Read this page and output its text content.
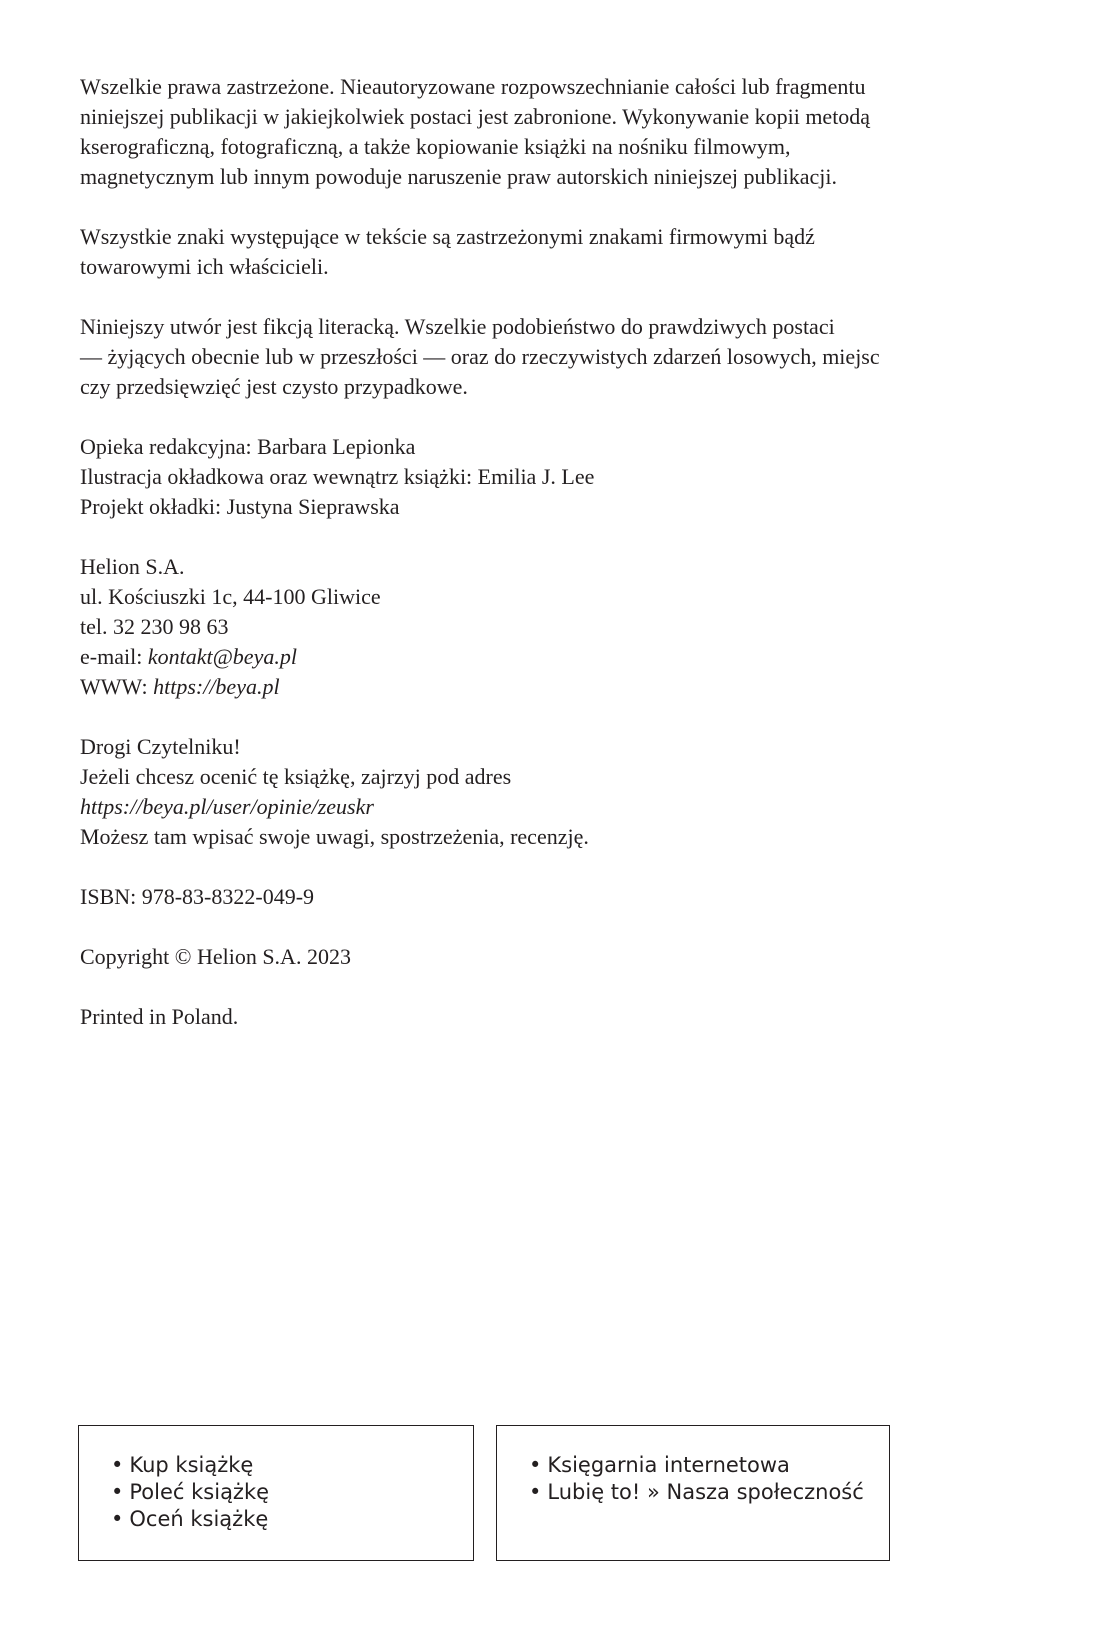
Wszelkie prawa zastrzeżone. Nieautoryzowane rozpowszechnianie całości lub fragmentu
niniejszej publikacji w jakiejkolwiek postaci jest zabronione. Wykonywanie kopii metodą
kserograficzną, fotograficzną, a także kopiowanie książki na nośniku filmowym,
magnetycznym lub innym powoduje naruszenie praw autorskich niniejszej publikacji.

Wszystkie znaki występujące w tekście są zastrzeżonymi znakami firmowymi bądź
towarowymi ich właścicieli.

Niniejszy utwór jest fikcją literacką. Wszelkie podobieństwo do prawdziwych postaci
— żyjących obecnie lub w przeszłości — oraz do rzeczywistych zdarzeń losowych, miejsc
czy przedsięwzięć jest czysto przypadkowe.

Opieka redakcyjna: Barbara Lepionka
Ilustracja okładkowa oraz wewnątrz książki: Emilia J. Lee
Projekt okładki: Justyna Sieprawska

Helion S.A.
ul. Kościuszki 1c, 44-100 Gliwice
tel. 32 230 98 63
e-mail: kontakt@beya.pl
WWW: https://beya.pl

Drogi Czytelniku!
Jeżeli chcesz ocenić tę książkę, zajrzyj pod adres
https://beya.pl/user/opinie/zeuskr
Możesz tam wpisać swoje uwagi, spostrzeżenia, recenzję.

ISBN: 978-83-8322-049-9

Copyright © Helion S.A. 2023

Printed in Poland.

• Kup książkę
• Poleć książkę
• Oceń książkę
• Księgarnia internetowa
• Lubię to! » Nasza społeczność
